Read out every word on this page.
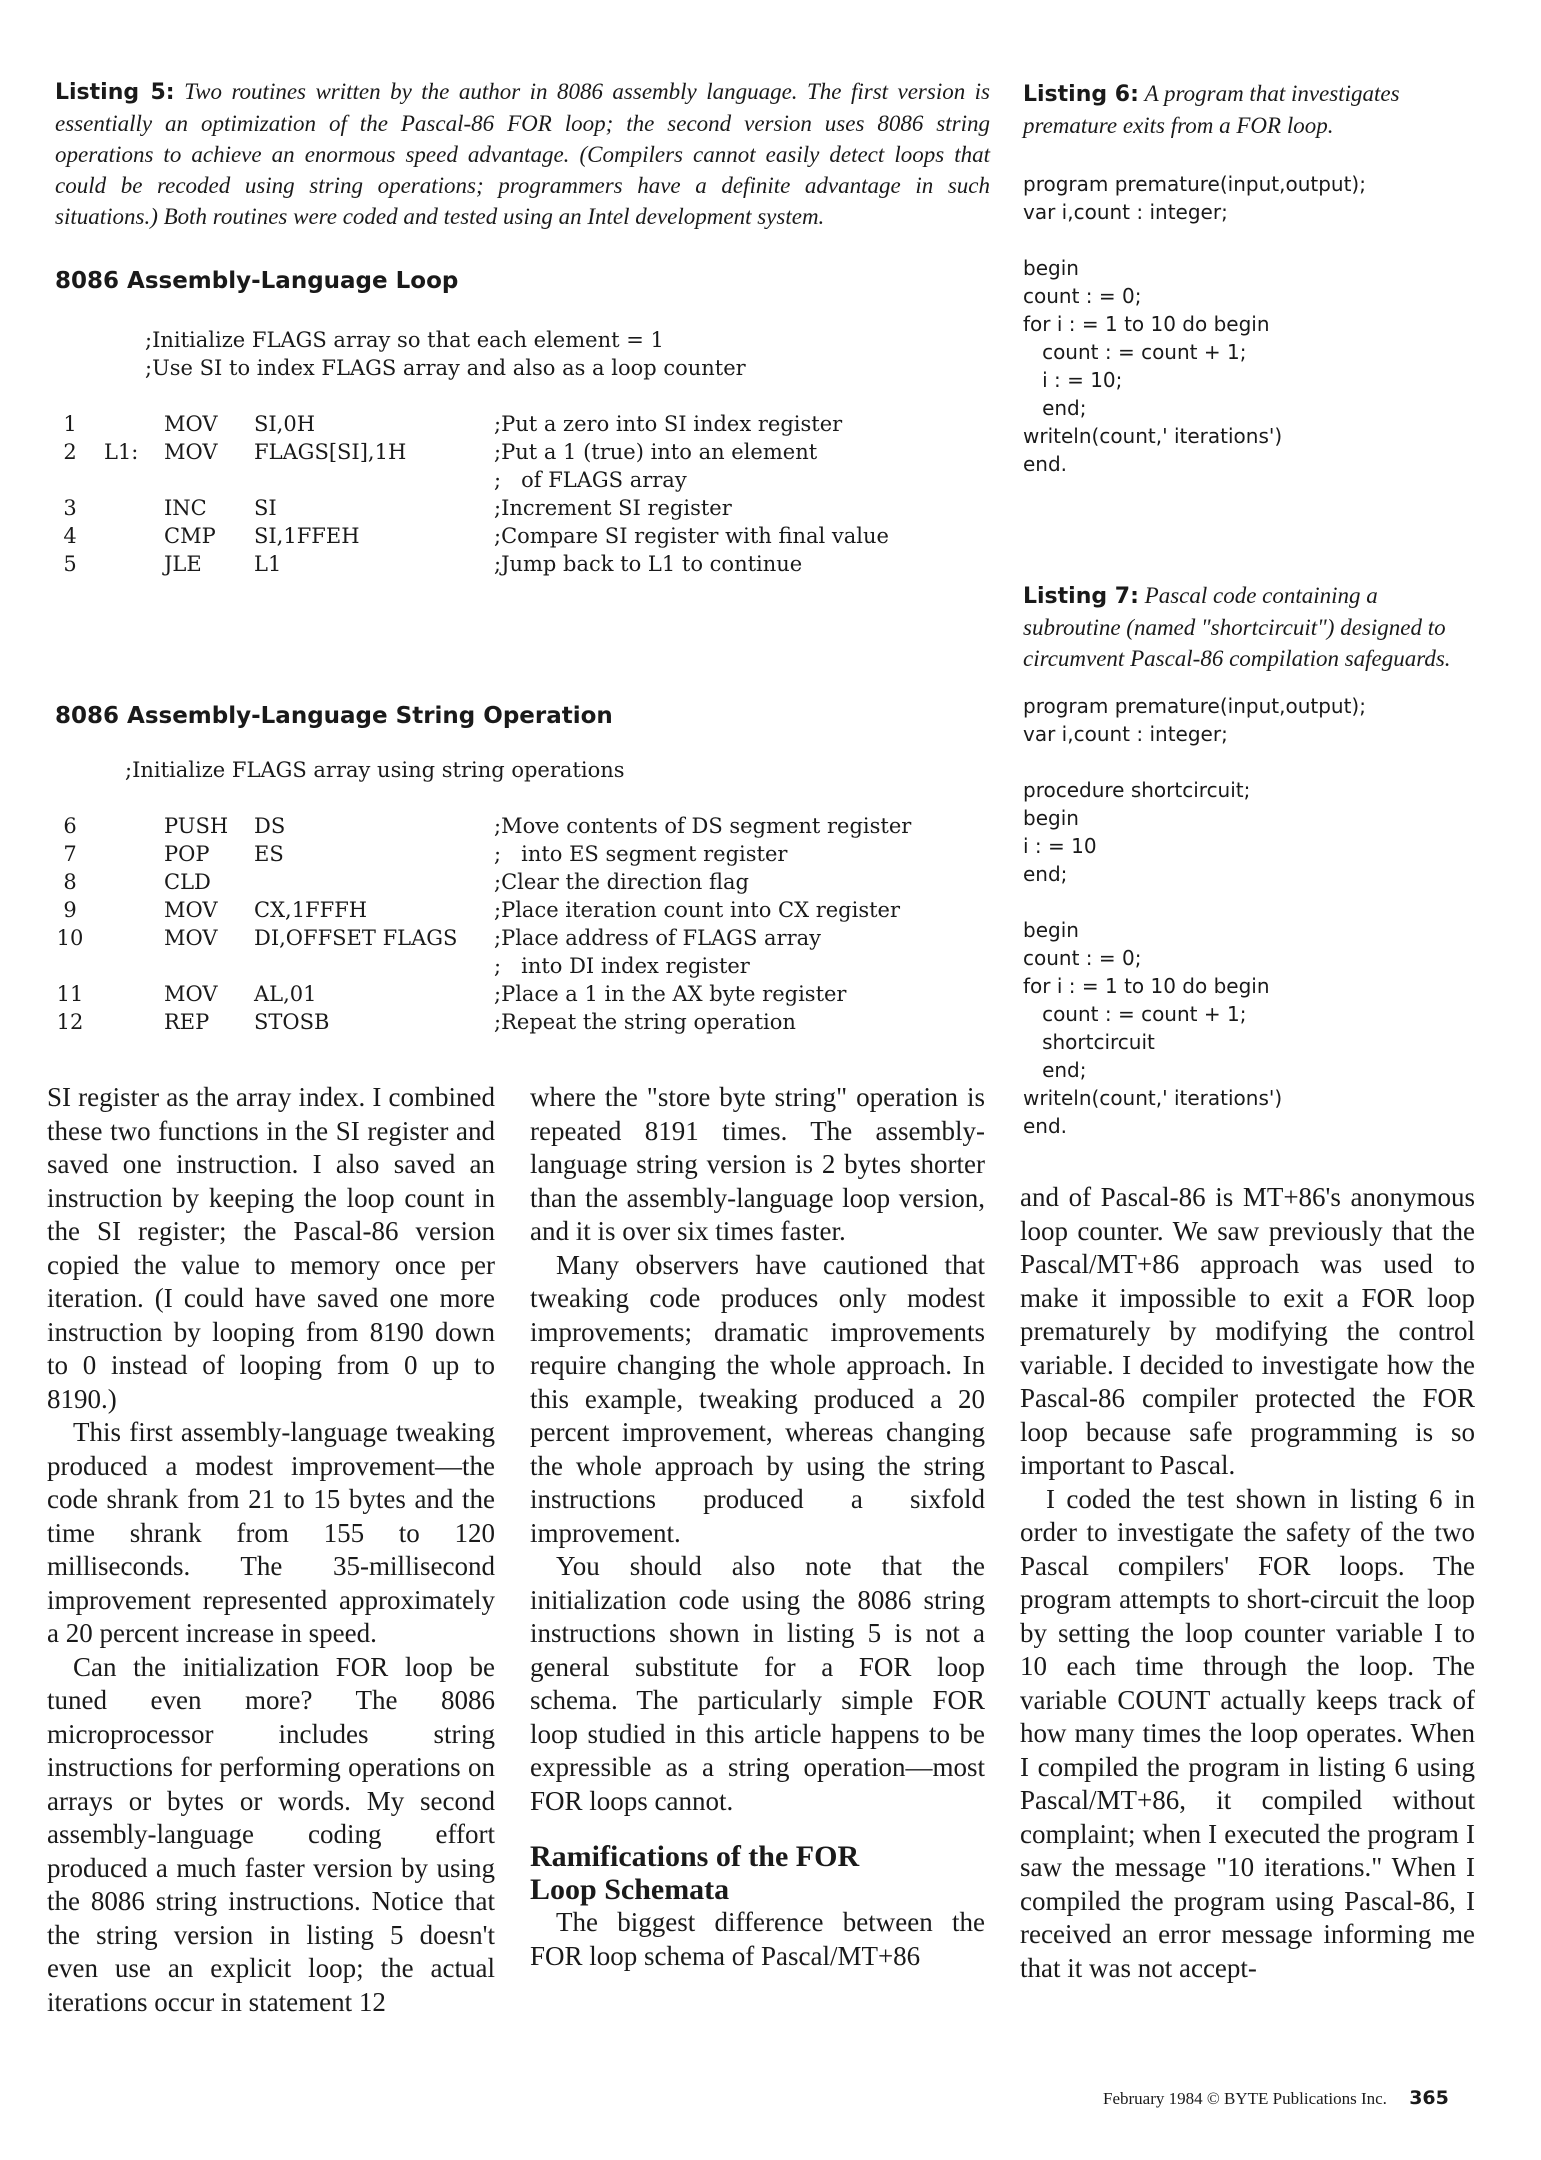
Listing 5: Two routines written by the author in 8086 assembly language. The first version is essentially an optimization of the Pascal-86 FOR loop; the second version uses 8086 string operations to achieve an enormous speed advantage. (Compilers cannot easily detect loops that could be recoded using string operations; programmers have a definite advantage in such situations.) Both routines were coded and tested using an Intel development system.
8086 Assembly-Language Loop
;Initialize FLAGS array so that each element = 1
;Use SI to index FLAGS array and also as a loop counter
1		MOV	SI,0H	;Put a zero into SI index register
2	L1:	MOV	FLAGS[SI],1H	;Put a 1 (true) into an element
				;   of FLAGS array
3		INC	SI	;Increment SI register
4		CMP	SI,1FFEH	;Compare SI register with final value
5		JLE	L1	;Jump back to L1 to continue
8086 Assembly-Language String Operation
;Initialize FLAGS array using string operations
6		PUSH	DS	;Move contents of DS segment register
7		POP	ES	;   into ES segment register
8		CLD		;Clear the direction flag
9		MOV	CX,1FFFH	;Place iteration count into CX register
10		MOV	DI,OFFSET FLAGS	;Place address of FLAGS array
				;   into DI index register
11		MOV	AL,01	;Place a 1 in the AX byte register
12		REP	STOSB	;Repeat the string operation
Listing 6: A program that investigates premature exits from a FOR loop.
program premature(input,output);
var i,count : integer;

begin
count : = 0;
for i : = 1 to 10 do begin
count : = count + 1;
i : = 10;
end;
writeln(count,' iterations')
end.
Listing 7: Pascal code containing a subroutine (named "shortcircuit") designed to circumvent Pascal-86 compilation safeguards.
program premature(input,output);
var i,count : integer;

procedure shortcircuit;
begin
i : = 10
end;

begin
count : = 0;
for i : = 1 to 10 do begin
count : = count + 1;
shortcircuit
end;
writeln(count,' iterations')
end.

SI register as the array index. I combined these two functions in the SI register and saved one instruction. I also saved an instruction by keeping the loop count in the SI register; the Pascal-86 version copied the value to memory once per iteration. (I could have saved one more instruction by looping from 8190 down to 0 instead of looping from 0 up to 8190.)

This first assembly-language tweaking produced a modest improvement—the code shrank from 21 to 15 bytes and the time shrank from 155 to 120 milliseconds. The 35-millisecond improvement represented approximately a 20 percent increase in speed.

Can the initialization FOR loop be tuned even more? The 8086 microprocessor includes string instructions for performing operations on arrays or bytes or words. My second assembly-language coding effort produced a much faster version by using the 8086 string instructions. Notice that the string version in listing 5 doesn't even use an explicit loop; the actual iterations occur in statement 12

where the "store byte string" operation is repeated 8191 times. The assembly-language string version is 2 bytes shorter than the assembly-language loop version, and it is over six times faster.

Many observers have cautioned that tweaking code produces only modest improvements; dramatic improvements require changing the whole approach. In this example, tweaking produced a 20 percent improvement, whereas changing the whole approach by using the string instructions produced a sixfold improvement.

You should also note that the initialization code using the 8086 string instructions shown in listing 5 is not a general substitute for a FOR loop schema. The particularly simple FOR loop studied in this article happens to be expressible as a string operation—most FOR loops cannot.

Ramifications of the FOR Loop Schemata

The biggest difference between the FOR loop schema of Pascal/MT+86

and of Pascal-86 is MT+86's anonymous loop counter. We saw previously that the Pascal/MT+86 approach was used to make it impossible to exit a FOR loop prematurely by modifying the control variable. I decided to investigate how the Pascal-86 compiler protected the FOR loop because safe programming is so important to Pascal.

I coded the test shown in listing 6 in order to investigate the safety of the two Pascal compilers' FOR loops. The program attempts to short-circuit the loop by setting the loop counter variable I to 10 each time through the loop. The variable COUNT actually keeps track of how many times the loop operates. When I compiled the program in listing 6 using Pascal/MT+86, it compiled without complaint; when I executed the program I saw the message "10 iterations." When I compiled the program using Pascal-86, I received an error message informing me that it was not accept-

February 1984 © BYTE Publications Inc. 365
